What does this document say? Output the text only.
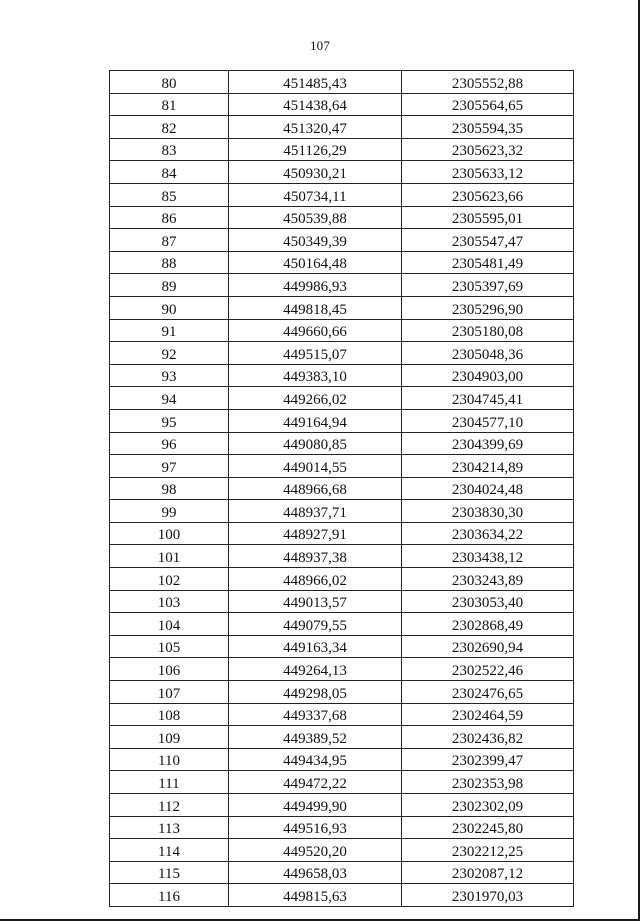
107
80	451485,43	2305552,88
81	451438,64	2305564,65
82	451320,47	2305594,35
83	451126,29	2305623,32
84	450930,21	2305633,12
85	450734,11	2305623,66
86	450539,88	2305595,01
87	450349,39	2305547,47
88	450164,48	2305481,49
89	449986,93	2305397,69
90	449818,45	2305296,90
91	449660,66	2305180,08
92	449515,07	2305048,36
93	449383,10	2304903,00
94	449266,02	2304745,41
95	449164,94	2304577,10
96	449080,85	2304399,69
97	449014,55	2304214,89
98	448966,68	2304024,48
99	448937,71	2303830,30
100	448927,91	2303634,22
101	448937,38	2303438,12
102	448966,02	2303243,89
103	449013,57	2303053,40
104	449079,55	2302868,49
105	449163,34	2302690,94
106	449264,13	2302522,46
107	449298,05	2302476,65
108	449337,68	2302464,59
109	449389,52	2302436,82
110	449434,95	2302399,47
111	449472,22	2302353,98
112	449499,90	2302302,09
113	449516,93	2302245,80
114	449520,20	2302212,25
115	449658,03	2302087,12
116	449815,63	2301970,03
